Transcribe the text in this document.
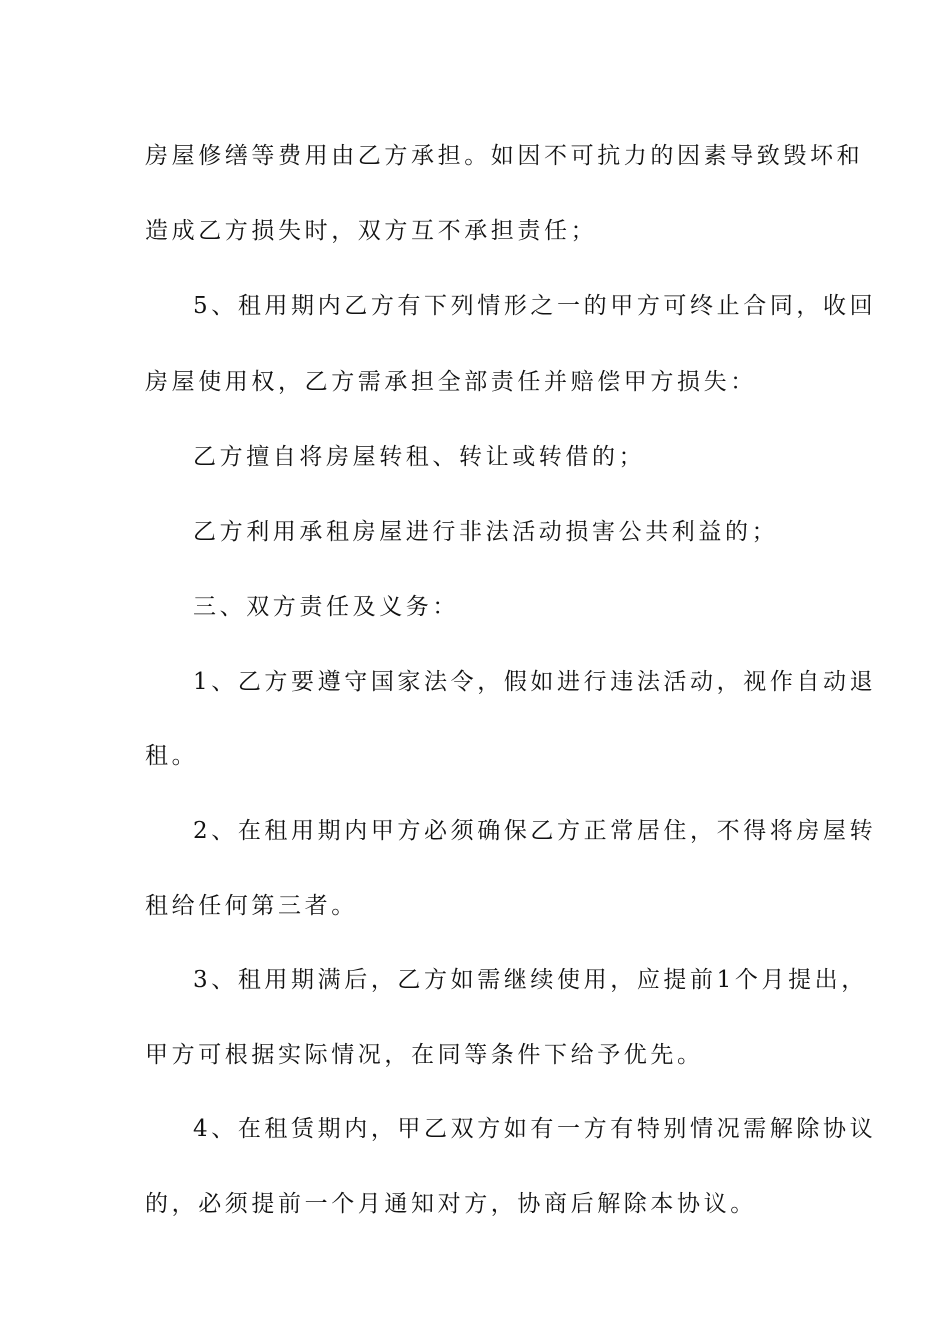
房屋修缮等费用由乙方承担。如因不可抗力的因素导致毁坏和
造成乙方损失时，双方互不承担责任；
5、租用期内乙方有下列情形之一的甲方可终止合同，收回
房屋使用权，乙方需承担全部责任并赔偿甲方损失：
乙方擅自将房屋转租、转让或转借的；
乙方利用承租房屋进行非法活动损害公共利益的；
三、双方责任及义务：
1、乙方要遵守国家法令，假如进行违法活动，视作自动退
租。
2、在租用期内甲方必须确保乙方正常居住，不得将房屋转
租给任何第三者。
3、租用期满后，乙方如需继续使用，应提前1个月提出，
甲方可根据实际情况，在同等条件下给予优先。
4、在租赁期内，甲乙双方如有一方有特别情况需解除协议
的，必须提前一个月通知对方，协商后解除本协议。
